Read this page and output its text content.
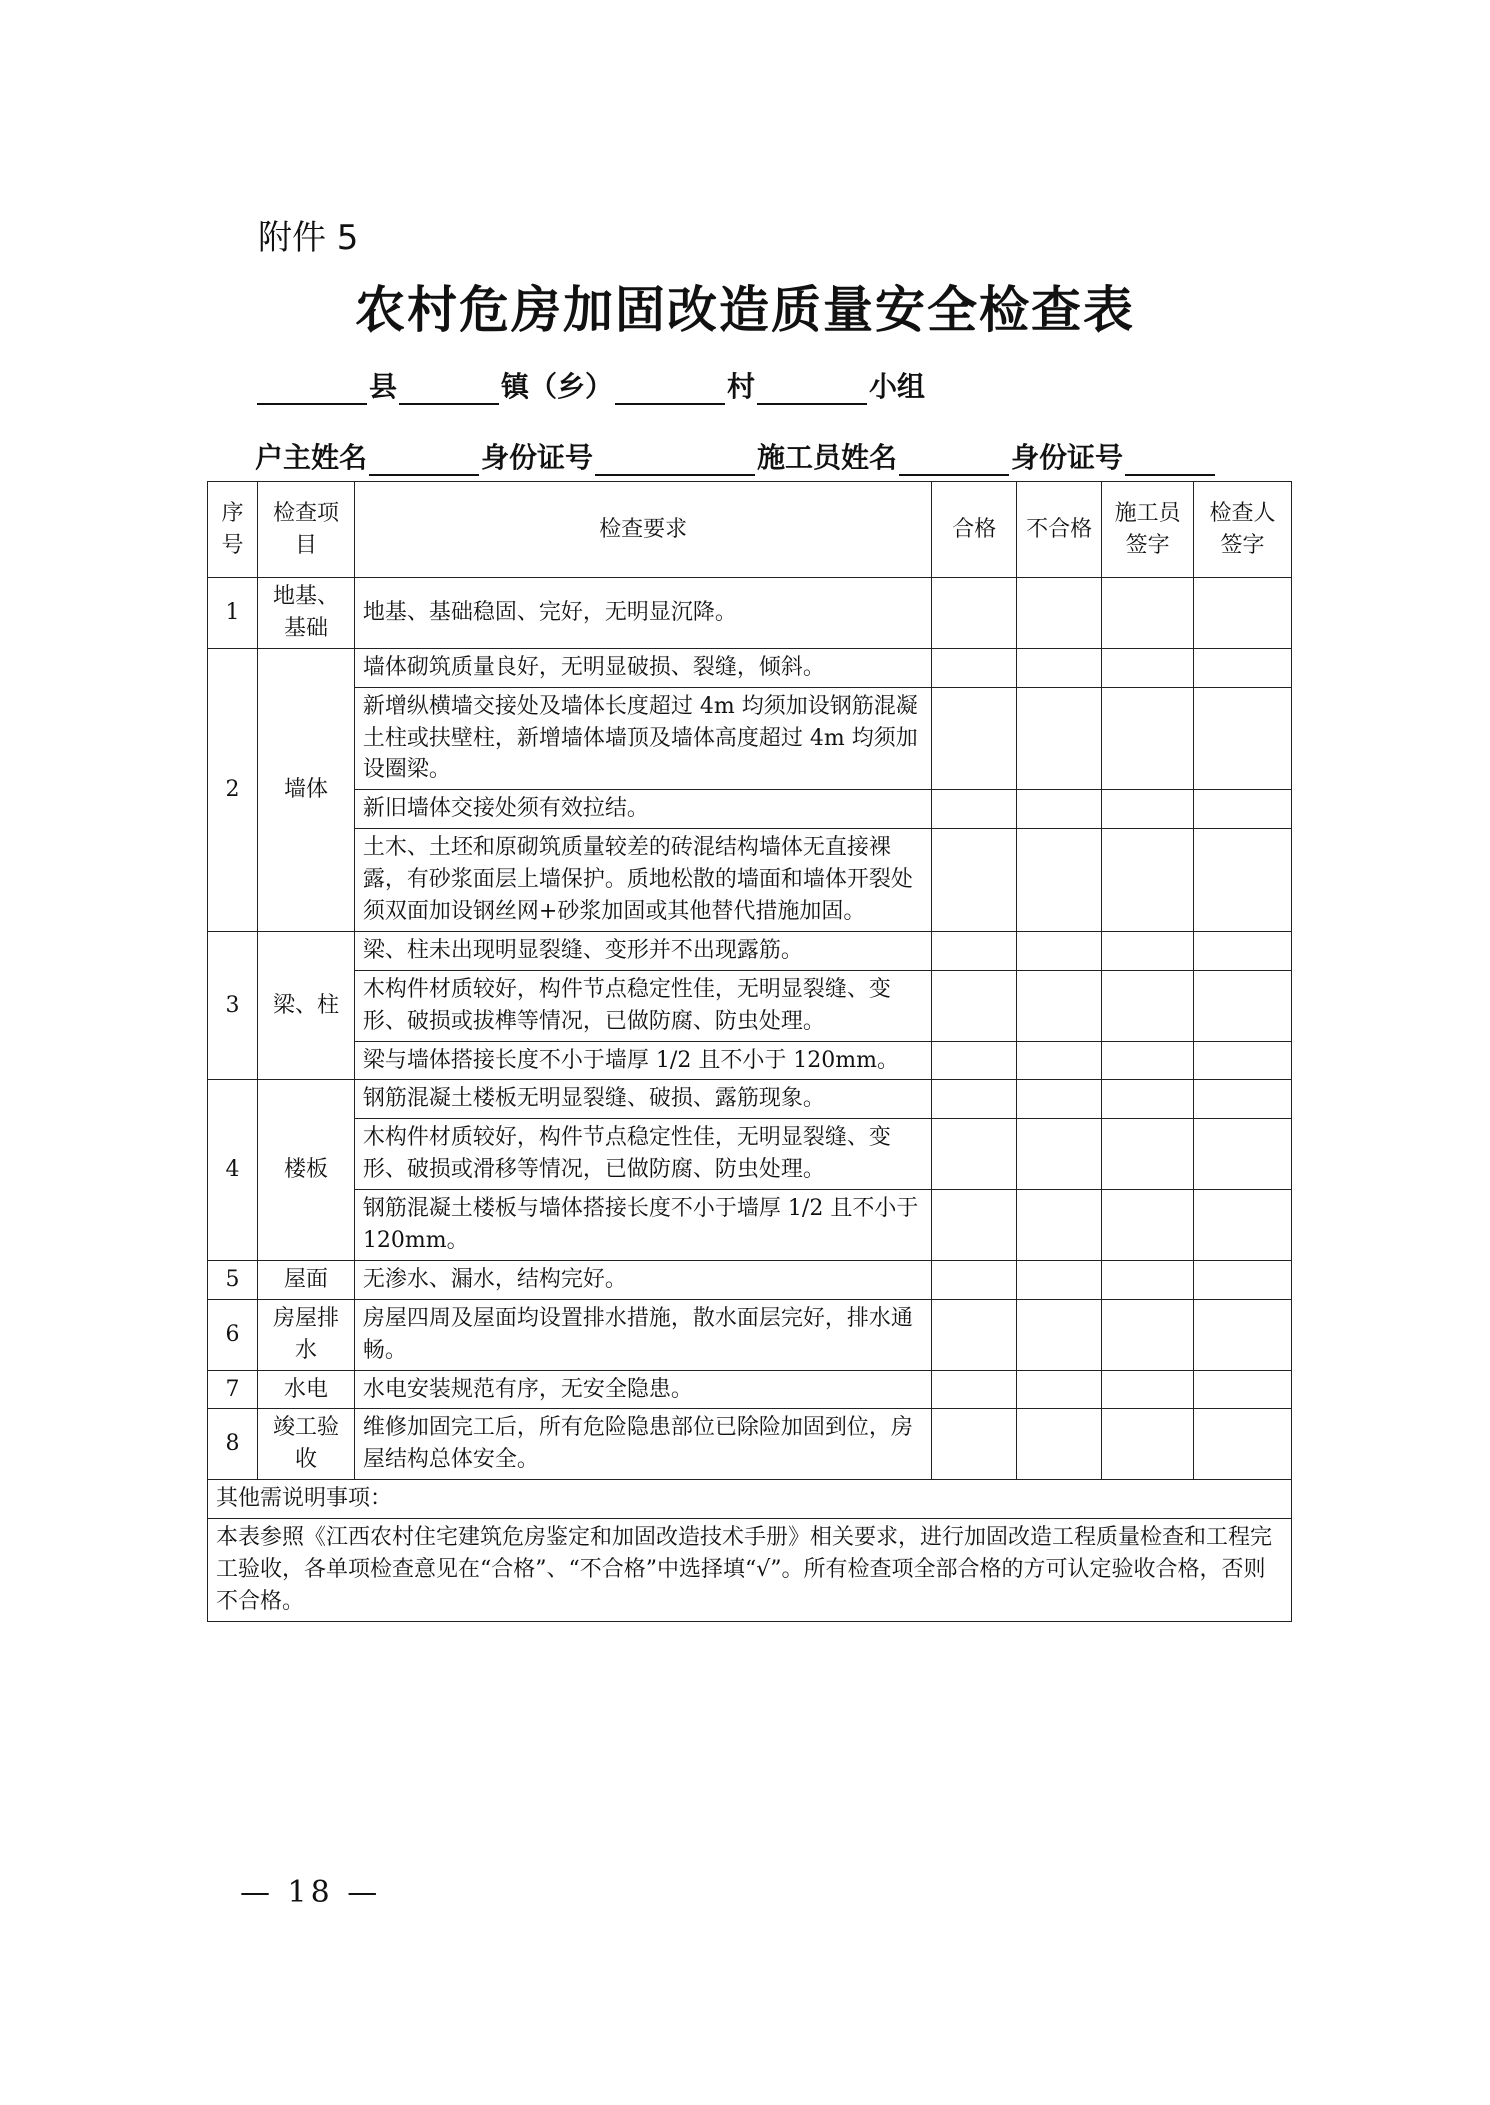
附件 5
农村危房加固改造质量安全检查表
县	镇（乡）	村	小组
户主姓名	身份证号	施工员姓名	身份证号
序号	检查项目	检查要求	合格	不合格	施工员签字	检查人签字
1	地基、基础	地基、基础稳固、完好，无明显沉降。				
2	墙体	墙体砌筑质量良好，无明显破损、裂缝，倾斜。				
		新增纵横墙交接处及墙体长度超过 4m 均须加设钢筋混凝土柱或扶壁柱，新增墙体墙顶及墙体高度超过 4m 均须加设圈梁。				
		新旧墙体交接处须有效拉结。				
		土木、土坯和原砌筑质量较差的砖混结构墙体无直接裸露，有砂浆面层上墙保护。质地松散的墙面和墙体开裂处须双面加设钢丝网+砂浆加固或其他替代措施加固。				
3	梁、柱	梁、柱未出现明显裂缝、变形并不出现露筋。				
		木构件材质较好，构件节点稳定性佳，无明显裂缝、变形、破损或拔榫等情况，已做防腐、防虫处理。				
		梁与墙体搭接长度不小于墙厚 1/2 且不小于 120mm。				
4	楼板	钢筋混凝土楼板无明显裂缝、破损、露筋现象。				
		木构件材质较好，构件节点稳定性佳，无明显裂缝、变形、破损或滑移等情况，已做防腐、防虫处理。				
		钢筋混凝土楼板与墙体搭接长度不小于墙厚 1/2 且不小于 120mm。				
5	屋面	无渗水、漏水，结构完好。				
6	房屋排水	房屋四周及屋面均设置排水措施，散水面层完好，排水通畅。				
7	水电	水电安装规范有序，无安全隐患。				
8	竣工验收	维修加固完工后，所有危险隐患部位已除险加固到位，房屋结构总体安全。				
其他需说明事项：						
本表参照《江西农村住宅建筑危房鉴定和加固改造技术手册》相关要求，进行加固改造工程质量检查和工程完工验收，各单项检查意见在“合格”、“不合格”中选择填“√”。所有检查项全部合格的方可认定验收合格，否则不合格。						
— 18 —
